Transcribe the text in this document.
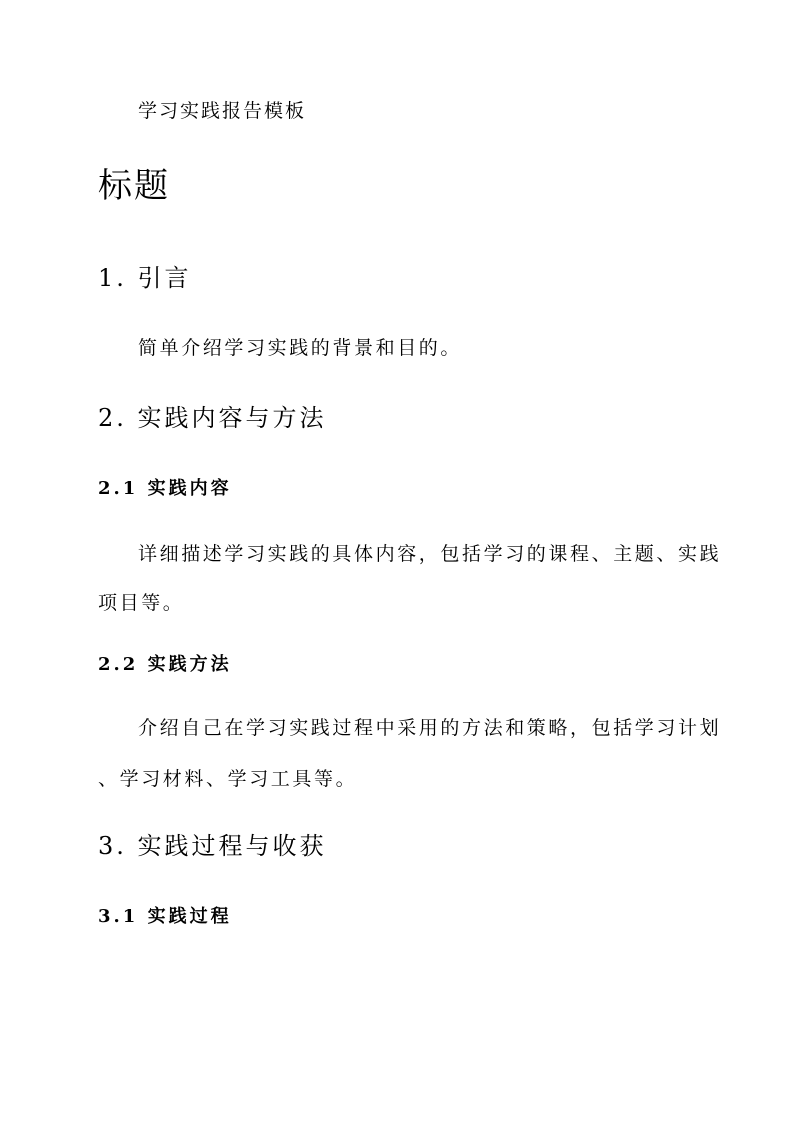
学习实践报告模板

标题
1. 引言

简单介绍学习实践的背景和目的。

2. 实践内容与方法
2.1 实践内容

详细描述学习实践的具体内容，包括学习的课程、主题、实践

项目等。

2.2 实践方法

介绍自己在学习实践过程中采用的方法和策略，包括学习计划

、学习材料、学习工具等。

3. 实践过程与收获
3.1 实践过程
